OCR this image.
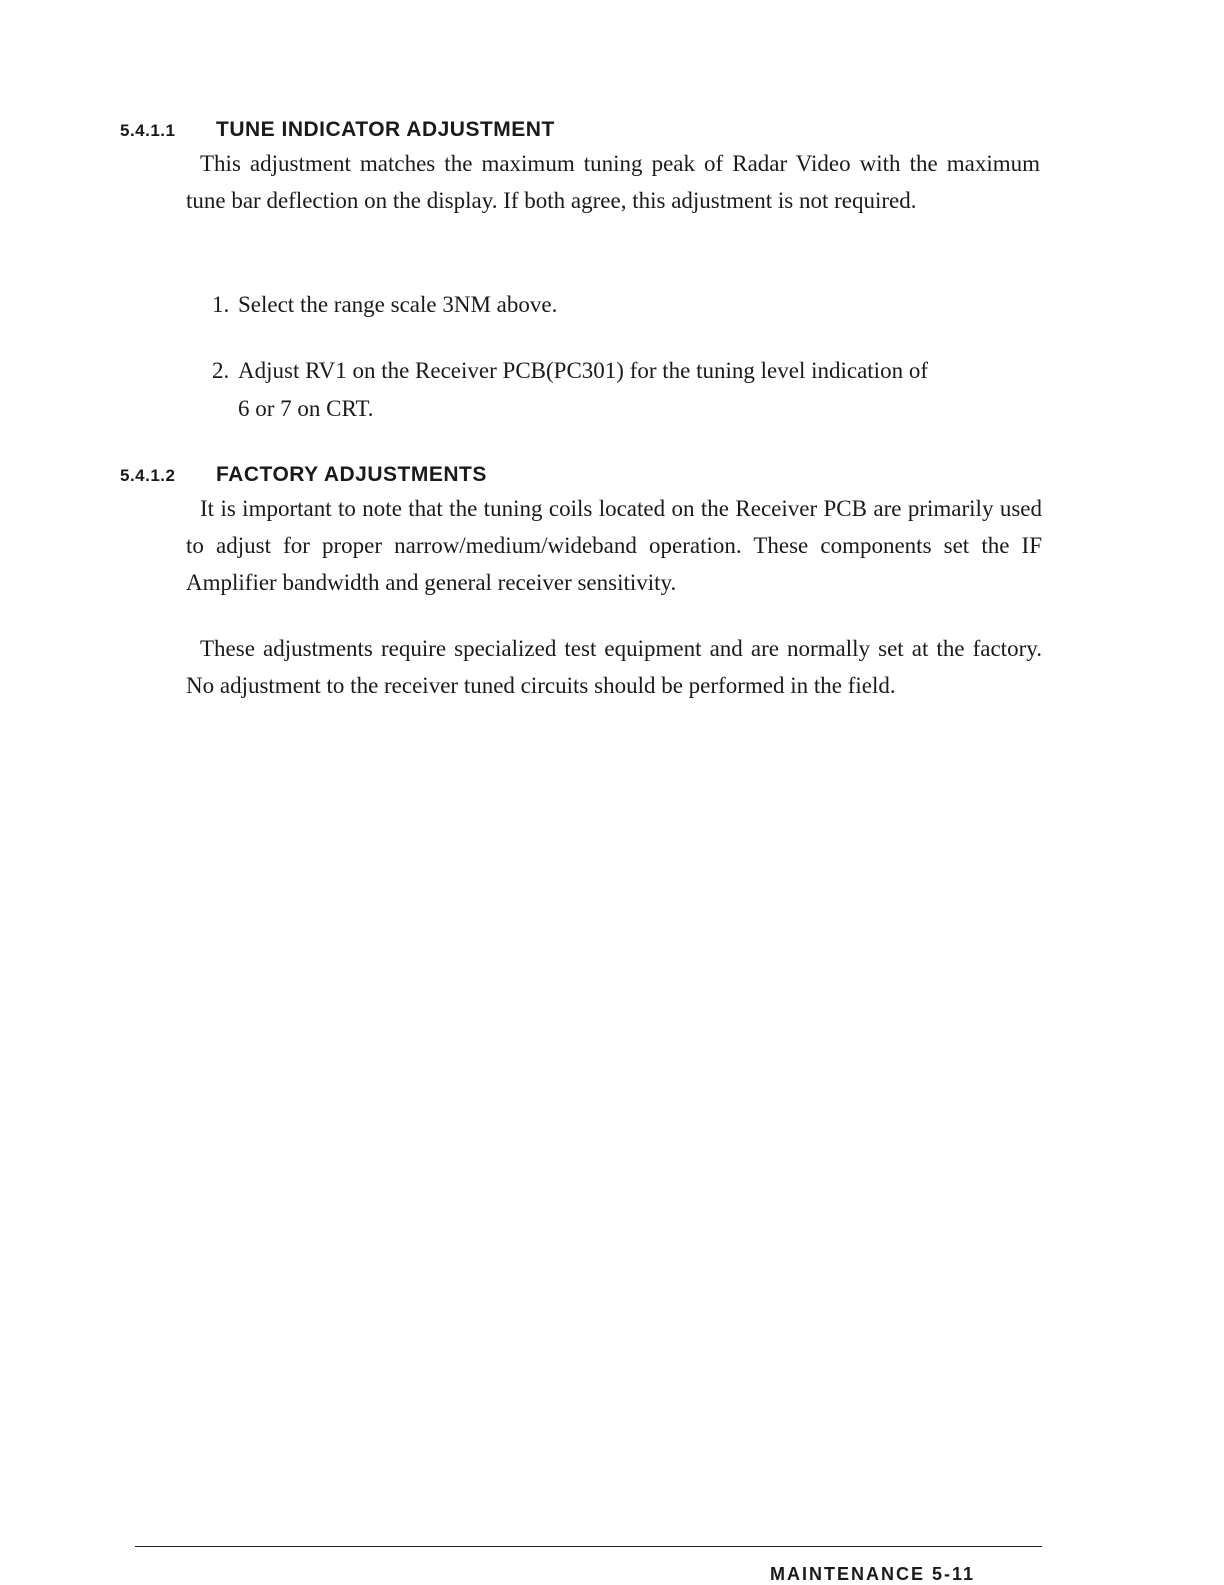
5.4.1.1 TUNE INDICATOR ADJUSTMENT
This adjustment matches the maximum tuning peak of Radar Video with the maximum tune bar deflection on the display. If both agree, this adjustment is not required.
1. Select the range scale 3NM above.
2. Adjust RV1 on the Receiver PCB(PC301) for the tuning level indication of
6 or 7 on CRT.
5.4.1.2 FACTORY ADJUSTMENTS
It is important to note that the tuning coils located on the Receiver PCB are primarily used to adjust for proper narrow/medium/wideband operation. These components set the IF Amplifier bandwidth and general receiver sensitivity.
These adjustments require specialized test equipment and are normally set at the factory. No adjustment to the receiver tuned circuits should be performed in the field.
MAINTENANCE 5-11
